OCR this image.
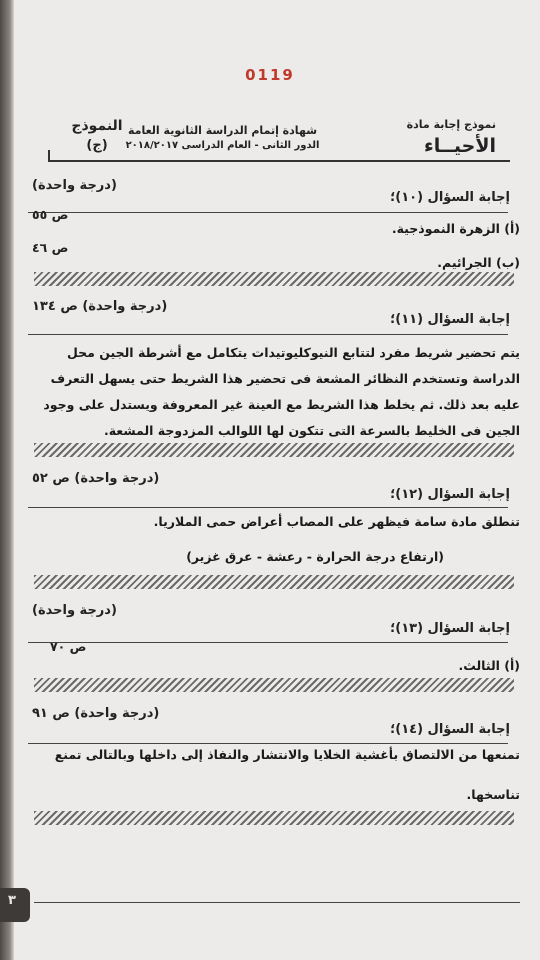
0119
النموذج
(ج)
شهادة إتمام الدراسة الثانوية العامة
الدور الثانى - العام الدراسى ٢٠١٨/٢٠١٧
نموذج إجابة مادة
الأحيــاء
(درجة واحدة)
إجابة السؤال (١٠)؛
(أ) الزهرة النموذجية.
ص ٥٥
(ب) الجرائيم.
ص ٤٦
(درجة واحدة) ص ١٣٤
إجابة السؤال (١١)؛
يتم تحضير شريط مفرد لتتابع النيوكليوتيدات يتكامل مع أشرطة الجين محل
الدراسة وتستخدم النظائر المشعة فى تحضير هذا الشريط حتى يسهل التعرف
عليه بعد ذلك. ثم يخلط هذا الشريط مع العينة غير المعروفة ويستدل على وجود
الجين فى الخليط بالسرعة التى تتكون لها اللوالب المزدوجة المشعة.
(درجة واحدة) ص ٥٢
إجابة السؤال (١٢)؛
تنطلق مادة سامة فيظهر على المصاب أعراض حمى الملاريا.
(ارتفاع درجة الحرارة - رعشة - عرق غزير)
(درجة واحدة)
إجابة السؤال (١٣)؛
ص ٧٠
(أ) الثالث.
(درجة واحدة) ص ٩١
إجابة السؤال (١٤)؛
تمنعها من الالتصاق بأغشية الخلايا والانتشار والنفاذ إلى داخلها وبالتالى تمنع
تناسخها.
٣
